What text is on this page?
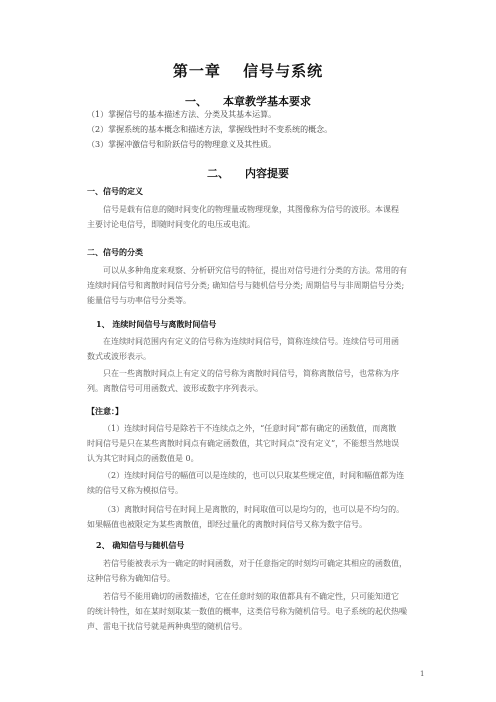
第一章　 信号与系统
一、 本章教学基本要求
（1）掌握信号的基本描述方法、分类及其基本运算。
（2）掌握系统的基本概念和描述方法，掌握线性时不变系统的概念。
（3）掌握冲激信号和阶跃信号的物理意义及其性质。
二、 内容提要
一、信号的定义
信号是载有信息的随时间变化的物理量或物理现象，其图像称为信号的波形。本课程
主要讨论电信号，即随时间变化的电压或电流。
二、信号的分类
可以从多种角度来观察、分析研究信号的特征，提出对信号进行分类的方法。常用的有
连续时间信号和离散时间信号分类; 确知信号与随机信号分类; 周期信号与非周期信号分类;
能量信号与功率信号分类等。
1、 连续时间信号与离散时间信号
在连续时间范围内有定义的信号称为连续时间信号，简称连续信号。连续信号可用函
数式或波形表示。
只在一些离散时间点上有定义的信号称为离散时间信号，简称离散信号，也常称为序
列。离散信号可用函数式、波形或数字序列表示。
【注意：】
（1）连续时间信号是除若干不连续点之外，“任意时间”都有确定的函数值，而离散
时间信号是只在某些离散时间点有确定函数值，其它时间点“没有定义”，不能想当然地误
认为其它时间点的函数值是 0。
（2）连续时间信号的幅值可以是连续的，也可以只取某些规定值，时间和幅值都为连
续的信号又称为模拟信号。
（3）离散时间信号在时间上是离散的，时间取值可以是均匀的，也可以是不均匀的。
如果幅值也被限定为某些离散值，即经过量化的离散时间信号又称为数字信号。
2、 确知信号与随机信号
若信号能被表示为一确定的时间函数，对于任意指定的时刻均可确定其相应的函数值，
这种信号称为确知信号。
若信号不能用确切的函数描述，它在任意时刻的取值都具有不确定性，只可能知道它
的统计特性，如在某时刻取某一数值的概率，这类信号称为随机信号。电子系统的起伏热噪
声、雷电干扰信号就是两种典型的随机信号。
1
